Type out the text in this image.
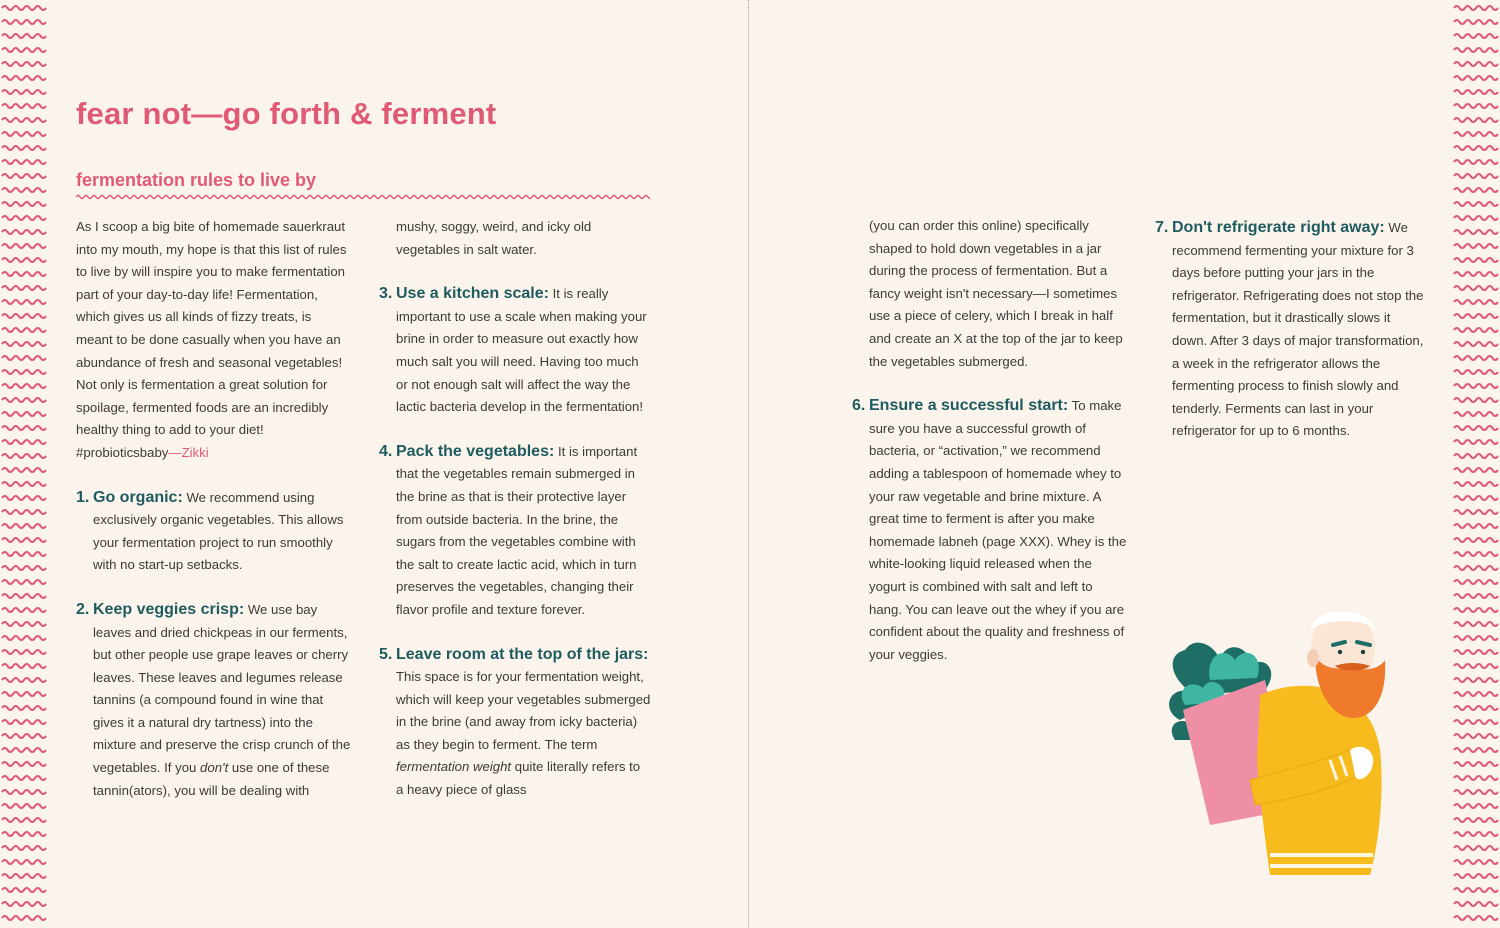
fear not—go forth & ferment
fermentation rules to live by

As I scoop a big bite of homemade sauerkraut into my mouth, my hope is that this list of rules to live by will inspire you to make fermentation part of your day-to-day life! Fermentation, which gives us all kinds of fizzy treats, is meant to be done casually when you have an abundance of fresh and seasonal vegetables! Not only is fermentation a great solution for spoilage, fermented foods are an incredibly healthy thing to add to your diet! #probioticsbaby—Zikki

1. Go organic: We recommend using exclusively organic vegetables. This allows your fermentation project to run smoothly with no start-up setbacks.
2. Keep veggies crisp: We use bay leaves and dried chickpeas in our ferments, but other people use grape leaves or cherry leaves. These leaves and legumes release tannins (a compound found in wine that gives it a natural dry tartness) into the mixture and preserve the crisp crunch of the vegetables. If you don't use one of these tannin(ators), you will be dealing with

mushy, soggy, weird, and icky old vegetables in salt water.

3. Use a kitchen scale: It is really important to use a scale when making your brine in order to measure out exactly how much salt you will need. Having too much or not enough salt will affect the way the lactic bacteria develop in the fermentation!
4. Pack the vegetables: It is important that the vegetables remain submerged in the brine as that is their protective layer from outside bacteria. In the brine, the sugars from the vegetables combine with the salt to create lactic acid, which in turn preserves the vegetables, changing their flavor profile and texture forever.
5. Leave room at the top of the jars: This space is for your fermentation weight, which will keep your vegetables submerged in the brine (and away from icky bacteria) as they begin to ferment. The term fermentation weight quite literally refers to a heavy piece of glass

(you can order this online) specifically shaped to hold down vegetables in a jar during the process of fermentation. But a fancy weight isn't necessary—I sometimes use a piece of celery, which I break in half and create an X at the top of the jar to keep the vegetables submerged.

6. Ensure a successful start: To make sure you have a successful growth of bacteria, or “activation,” we recommend adding a tablespoon of homemade whey to your raw vegetable and brine mixture. A great time to ferment is after you make homemade labneh (page XXX). Whey is the white-looking liquid released when the yogurt is combined with salt and left to hang. You can leave out the whey if you are confident about the quality and freshness of your veggies.
7. Don't refrigerate right away: We recommend fermenting your mixture for 3 days before putting your jars in the refrigerator. Refrigerating does not stop the fermentation, but it drastically slows it down. After 3 days of major transformation, a week in the refrigerator allows the fermenting process to finish slowly and tenderly. Ferments can last in your refrigerator for up to 6 months.
